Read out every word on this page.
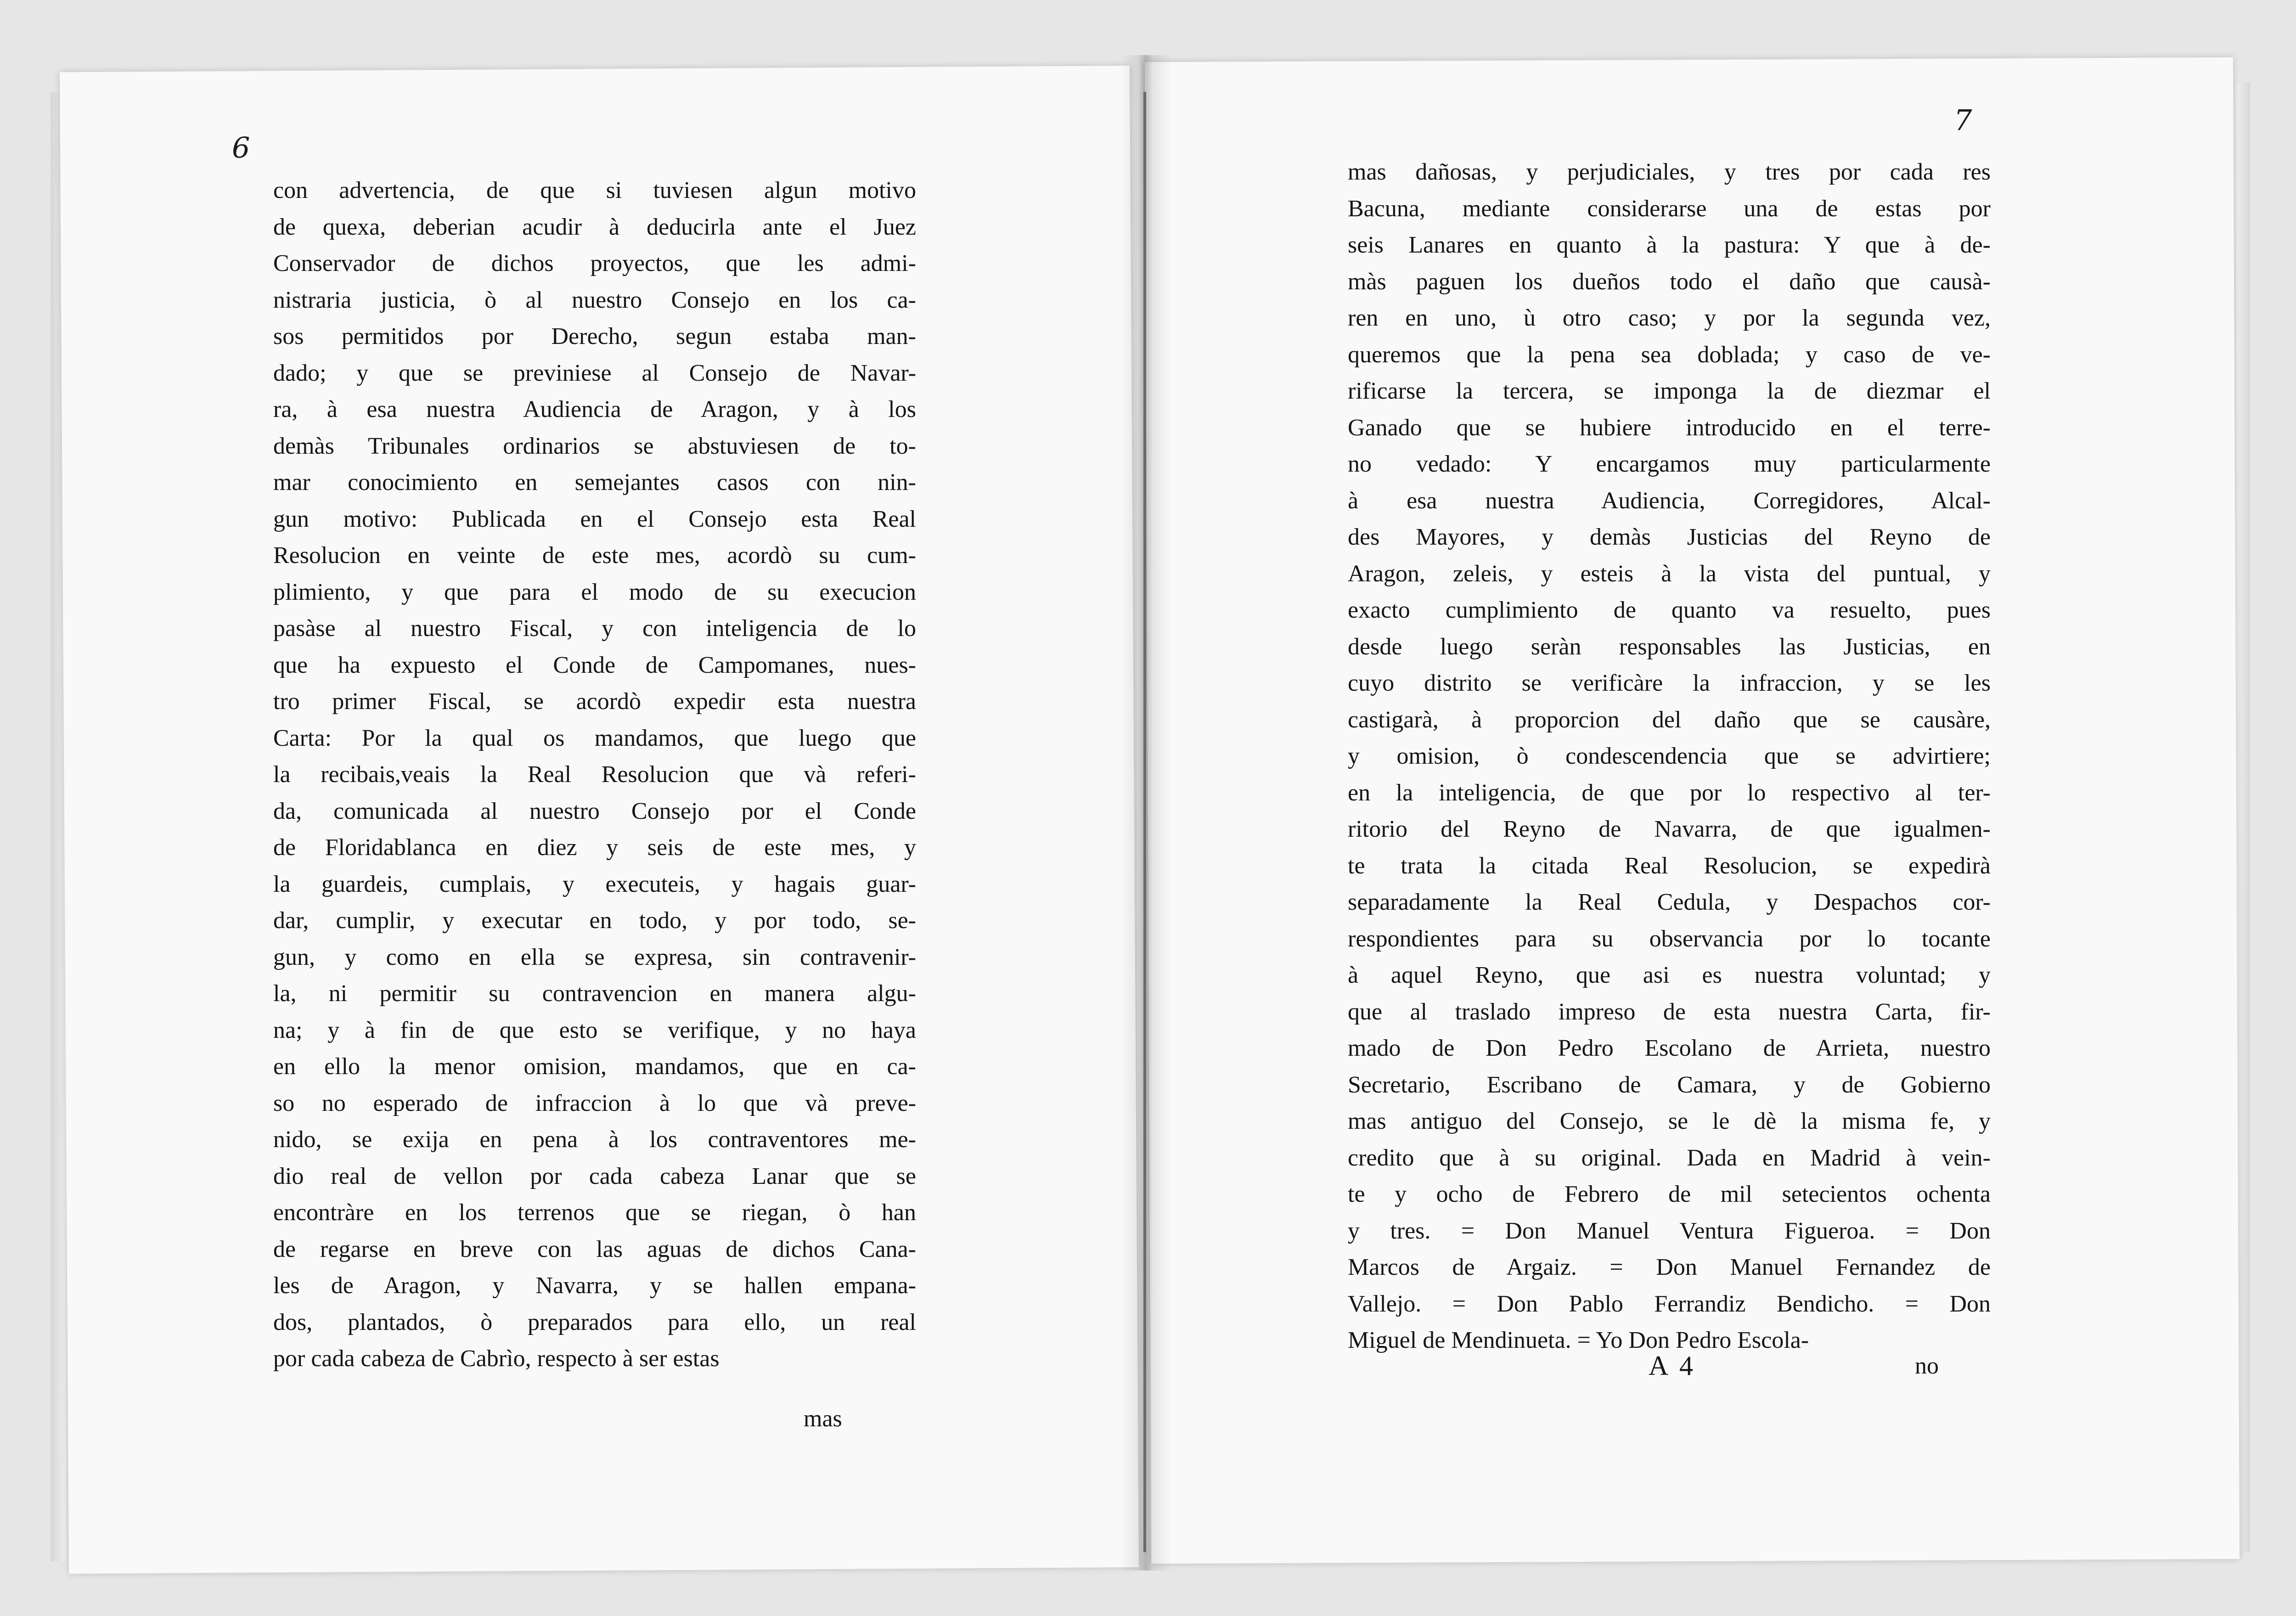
6
7
con advertencia, de que si tuviesen algun motivo
de quexa, deberian acudir à deducirla ante el Juez
Conservador de dichos proyectos, que les admi-
nistraria justicia, ò al nuestro Consejo en los ca-
sos permitidos por Derecho, segun estaba man-
dado; y que se previniese al Consejo de Navar-
ra, à esa nuestra Audiencia de Aragon, y à los
demàs Tribunales ordinarios se abstuviesen de to-
mar conocimiento en semejantes casos con nin-
gun motivo: Publicada en el Consejo esta Real
Resolucion en veinte de este mes, acordò su cum-
plimiento, y que para el modo de su execucion
pasàse al nuestro Fiscal, y con inteligencia de lo
que ha expuesto el Conde de Campomanes, nues-
tro primer Fiscal, se acordò expedir esta nuestra
Carta: Por la qual os mandamos, que luego que
la recibais,veais la Real Resolucion que và referi-
da, comunicada al nuestro Consejo por el Conde
de Floridablanca en diez y seis de este mes, y
la guardeis, cumplais, y executeis, y hagais guar-
dar, cumplir, y executar en todo, y por todo, se-
gun, y como en ella se expresa, sin contravenir-
la, ni permitir su contravencion en manera algu-
na; y à fin de que esto se verifique, y no haya
en ello la menor omision, mandamos, que en ca-
so no esperado de infraccion à lo que và preve-
nido, se exija en pena à los contraventores me-
dio real de vellon por cada cabeza Lanar que se
encontràre en los terrenos que se riegan, ò han
de regarse en breve con las aguas de dichos Cana-
les de Aragon, y Navarra, y se hallen empana-
dos, plantados, ò preparados para ello, un real
por cada cabeza de Cabrìo, respecto à ser estas
mas dañosas, y perjudiciales, y tres por cada res
Bacuna, mediante considerarse una de estas por
seis Lanares en quanto à la pastura: Y que à de-
màs paguen los dueños todo el daño que causà-
ren en uno, ù otro caso; y por la segunda vez,
queremos que la pena sea doblada; y caso de ve-
rificarse la tercera, se imponga la de diezmar el
Ganado que se hubiere introducido en el terre-
no vedado: Y encargamos muy particularmente
à esa nuestra Audiencia, Corregidores, Alcal-
des Mayores, y demàs Justicias del Reyno de
Aragon, zeleis, y esteis à la vista del puntual, y
exacto cumplimiento de quanto va resuelto, pues
desde luego seràn responsables las Justicias, en
cuyo distrito se verificàre la infraccion, y se les
castigarà, à proporcion del daño que se causàre,
y omision, ò condescendencia que se advirtiere;
en la inteligencia, de que por lo respectivo al ter-
ritorio del Reyno de Navarra, de que igualmen-
te trata la citada Real Resolucion, se expedirà
separadamente la Real Cedula, y Despachos cor-
respondientes para su observancia por lo tocante
à aquel Reyno, que asi es nuestra voluntad; y
que al traslado impreso de esta nuestra Carta, fir-
mado de Don Pedro Escolano de Arrieta, nuestro
Secretario, Escribano de Camara, y de Gobierno
mas antiguo del Consejo, se le dè la misma fe, y
credito que à su original. Dada en Madrid à vein-
te y ocho de Febrero de mil setecientos ochenta
y tres. = Don Manuel Ventura Figueroa. = Don
Marcos de Argaiz. = Don Manuel Fernandez de
Vallejo. = Don Pablo Ferrandiz Bendicho. = Don
Miguel de Mendinueta. = Yo Don Pedro Escola-
mas
A 4	no
